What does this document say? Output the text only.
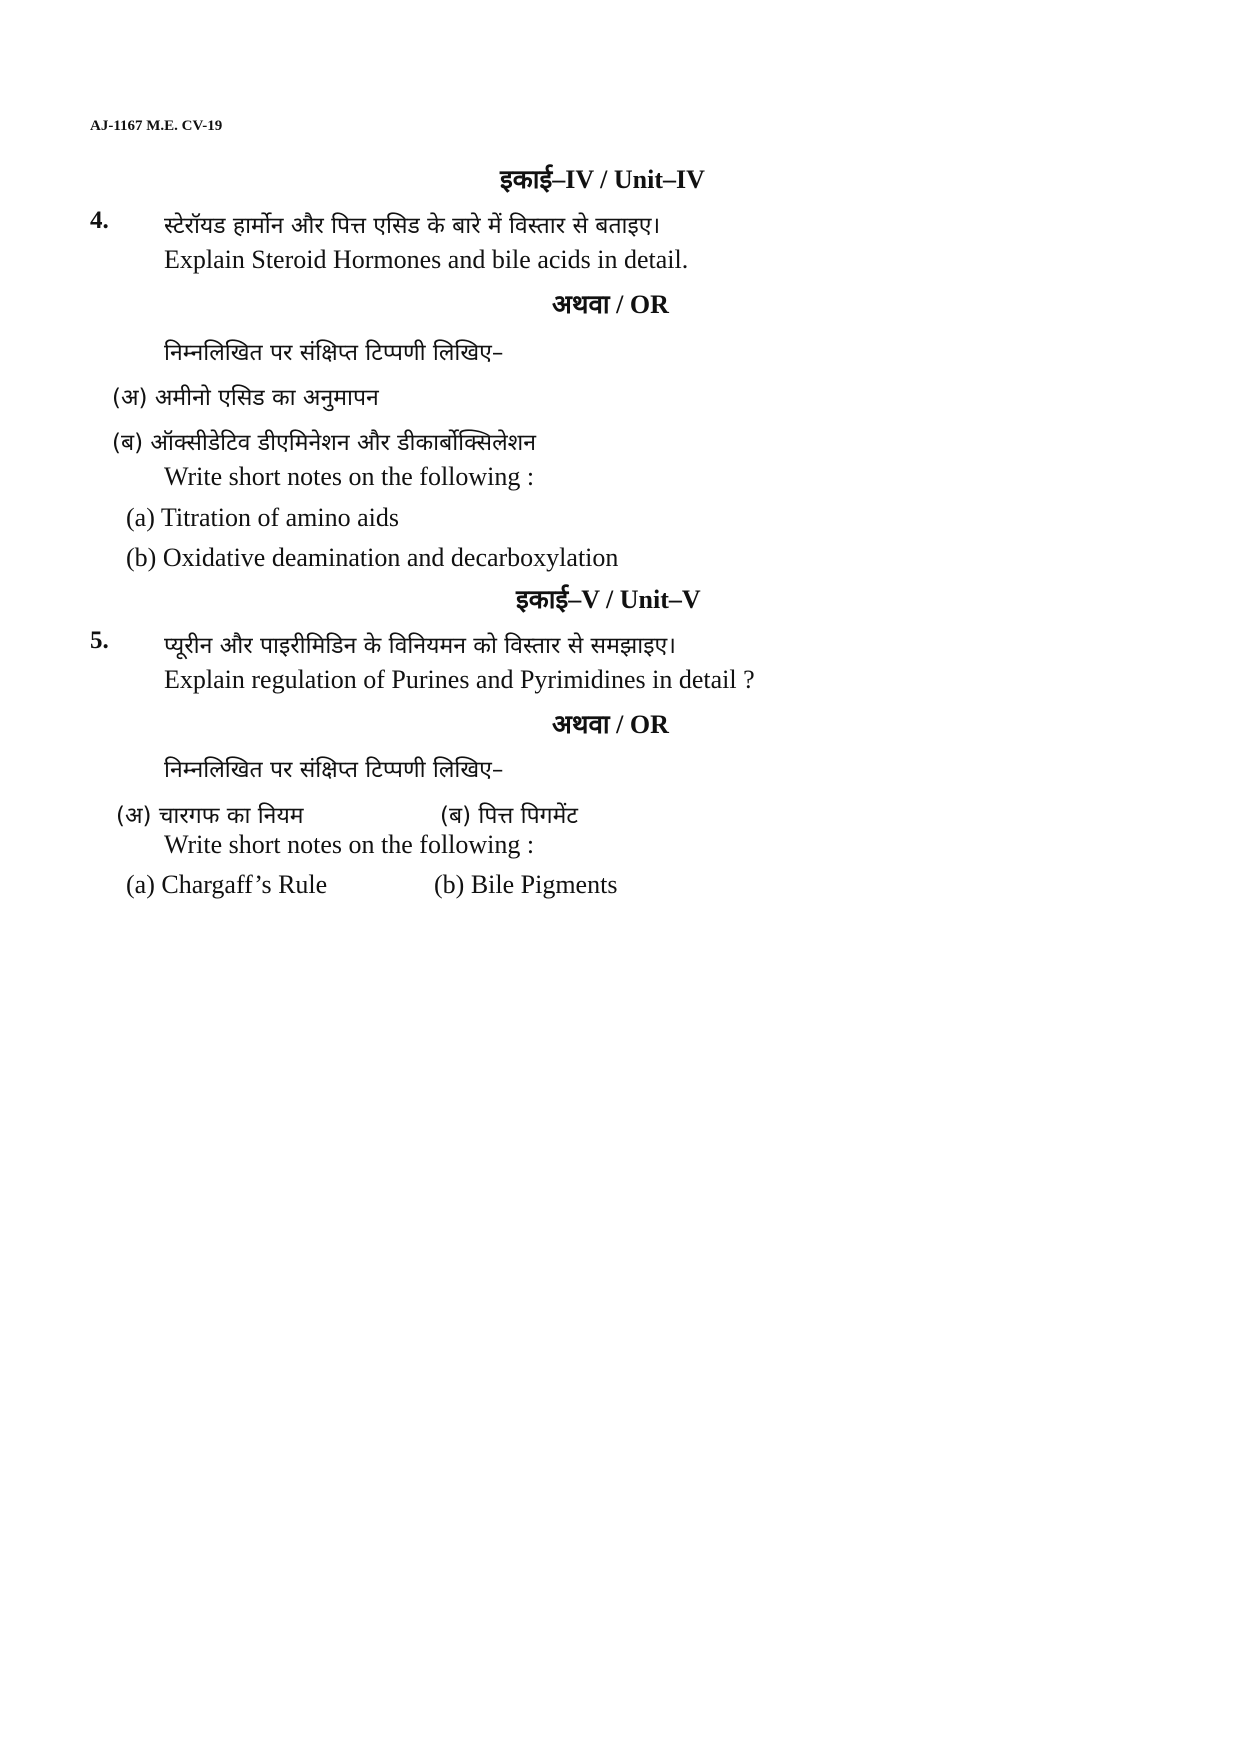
AJ-1167 M.E. CV-19
इकाई–IV / Unit–IV
4. स्टेरॉयड हार्मोन और पित्त एसिड के बारे में विस्तार से बताइए।
Explain Steroid Hormones and bile acids in detail.
अथवा / OR
निम्नलिखित पर संक्षिप्त टिप्पणी लिखिए–
(अ) अमीनो एसिड का अनुमापन
(ब) ऑक्सीडेटिव डीएमिनेशन और डीकार्बोक्सिलेशन
Write short notes on the following :
(a) Titration of amino aids
(b) Oxidative deamination and decarboxylation
इकाई–V / Unit–V
5. प्यूरीन और पाइरीमिडिन के विनियमन को विस्तार से समझाइए।
Explain regulation of Purines and Pyrimidines in detail ?
अथवा / OR
निम्नलिखित पर संक्षिप्त टिप्पणी लिखिए–
(अ) चारगफ का नियम	(ब) पित्त पिगमेंट
Write short notes on the following :
(a) Chargaff’s Rule	(b) Bile Pigments
